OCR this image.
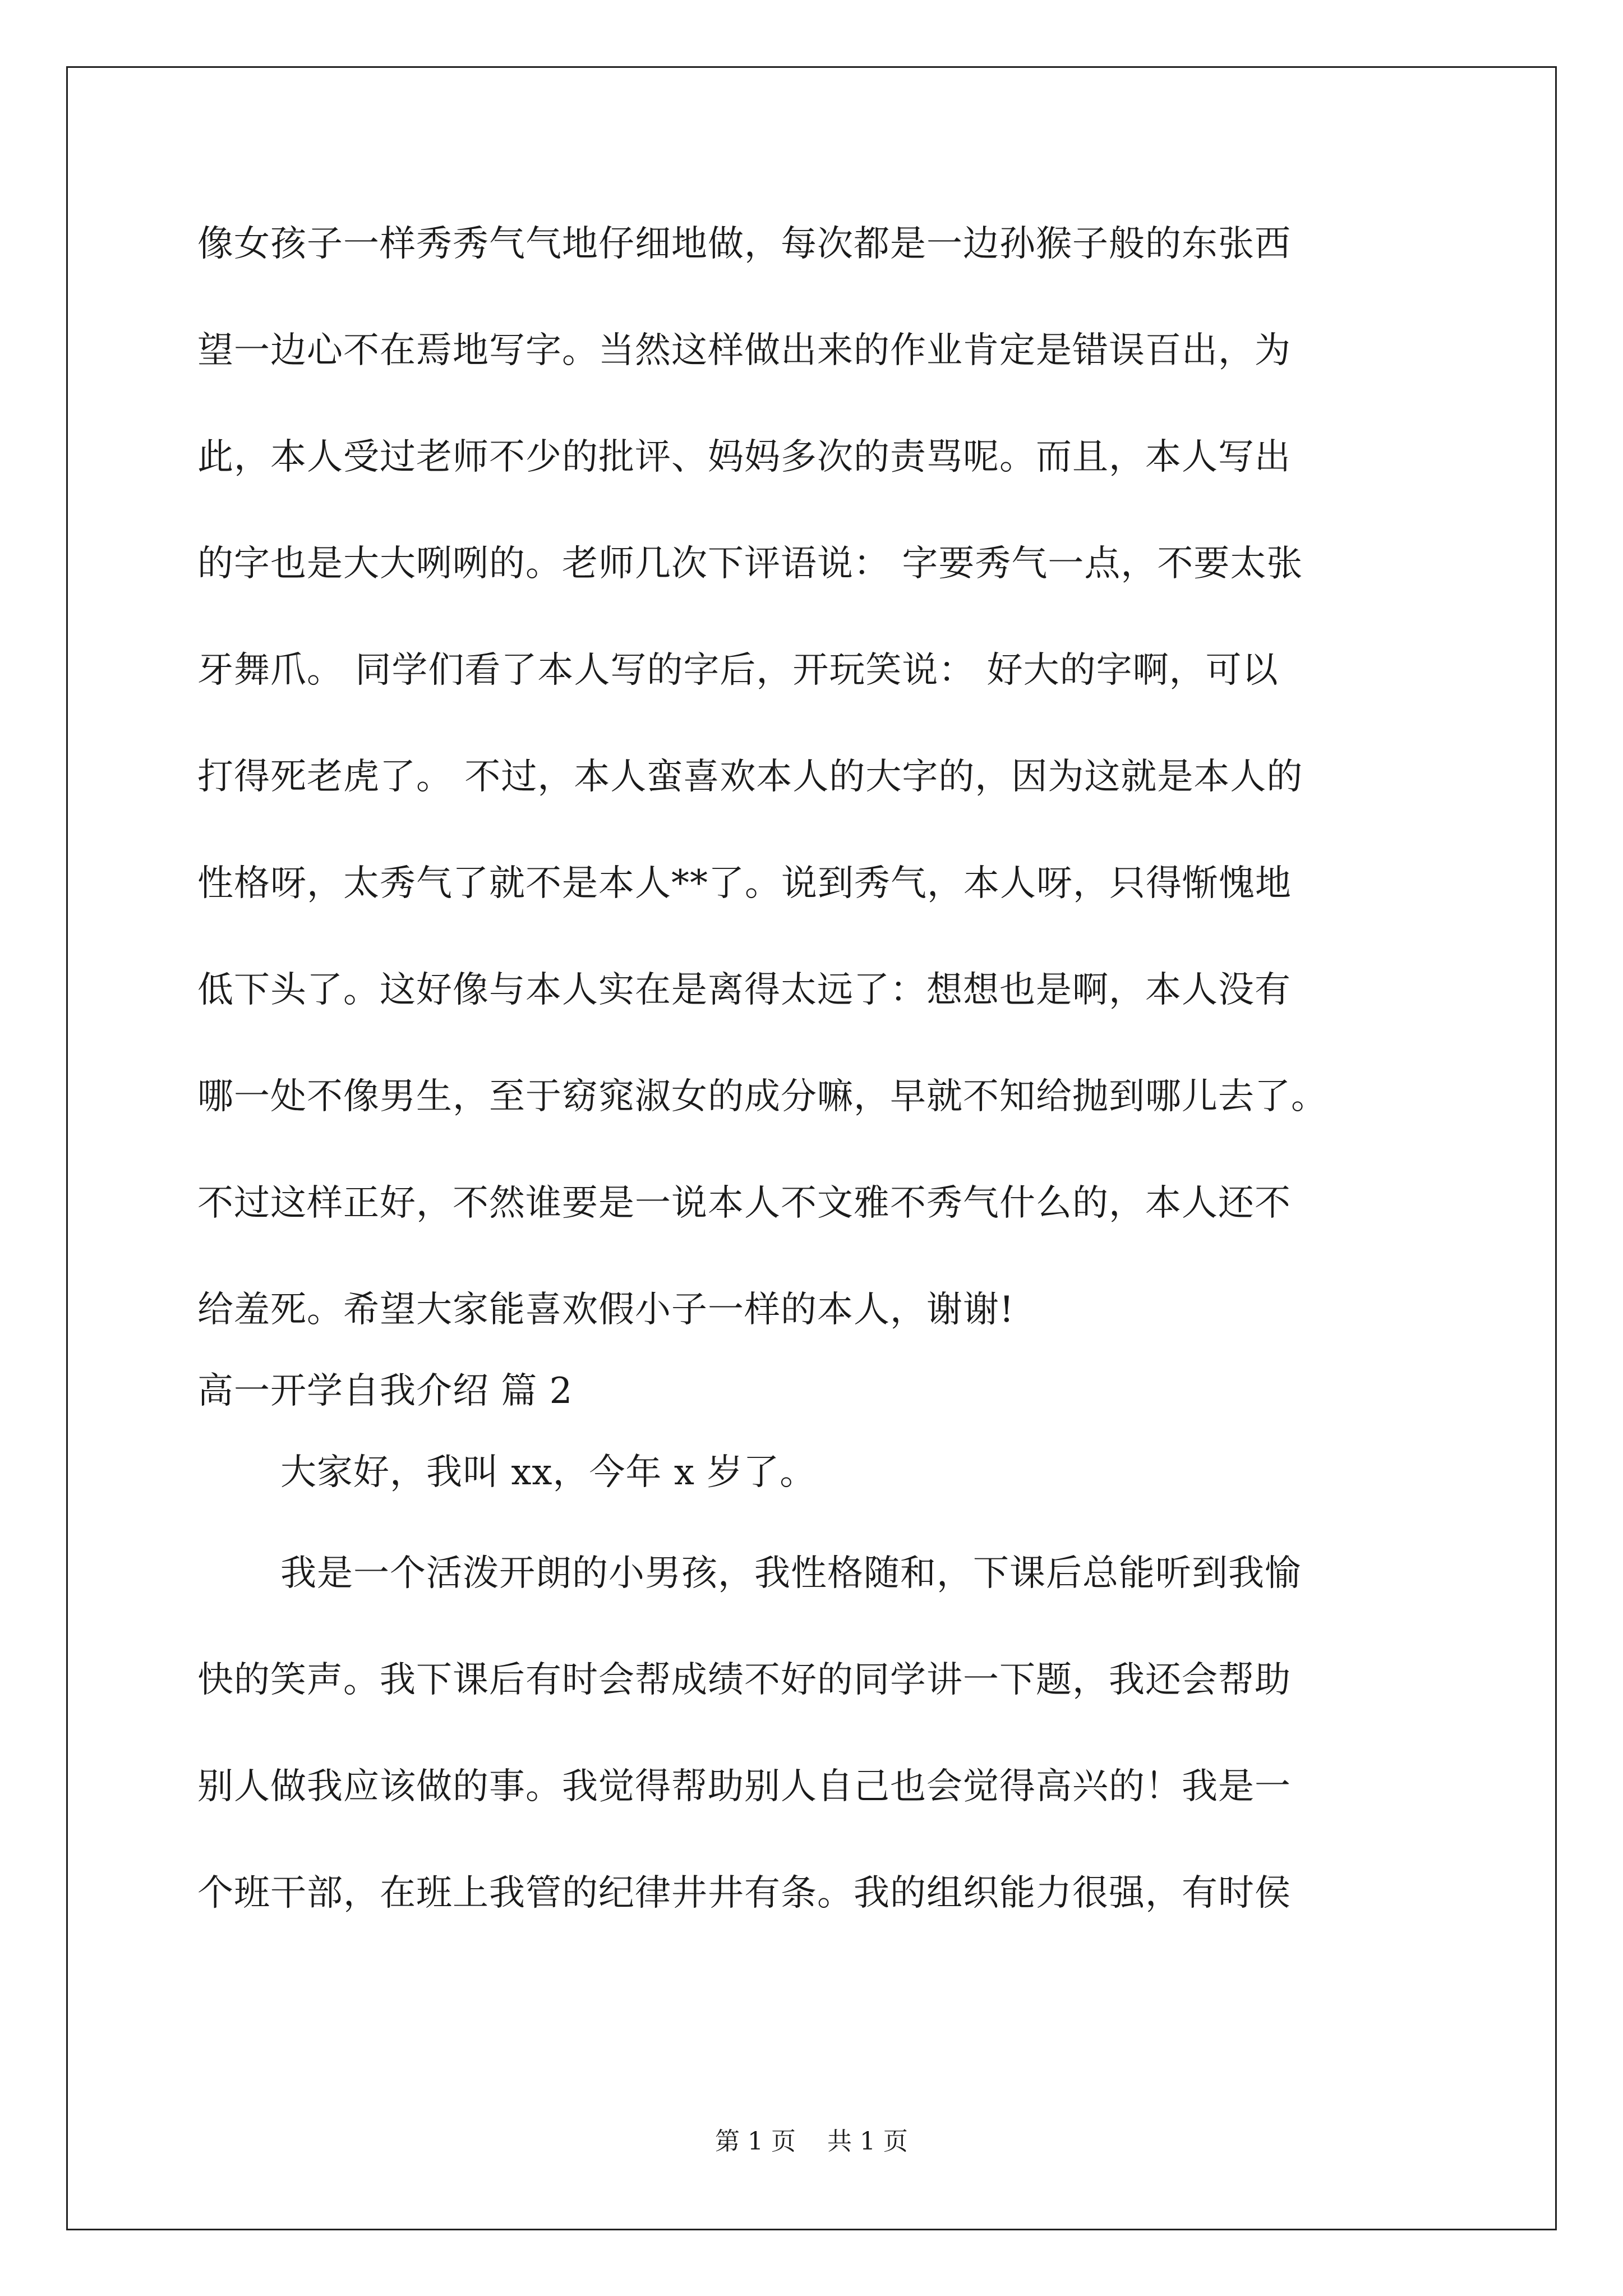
像女孩子一样秀秀气气地仔细地做，每次都是一边孙猴子般的东张西
望一边心不在焉地写字。当然这样做出来的作业肯定是错误百出，为
此，本人受过老师不少的批评、妈妈多次的责骂呢。而且，本人写出
的字也是大大咧咧的。老师几次下评语说： 字要秀气一点，不要太张
牙舞爪。 同学们看了本人写的字后，开玩笑说： 好大的字啊，可以
打得死老虎了。 不过，本人蛮喜欢本人的大字的，因为这就是本人的
性格呀，太秀气了就不是本人**了。说到秀气，本人呀，只得惭愧地
低下头了。这好像与本人实在是离得太远了：想想也是啊，本人没有
哪一处不像男生，至于窈窕淑女的成分嘛，早就不知给抛到哪儿去了。
不过这样正好，不然谁要是一说本人不文雅不秀气什么的，本人还不
给羞死。希望大家能喜欢假小子一样的本人，谢谢!
高一开学自我介绍 篇 2
大家好，我叫 xx，今年 x 岁了。
我是一个活泼开朗的小男孩，我性格随和，下课后总能听到我愉
快的笑声。我下课后有时会帮成绩不好的同学讲一下题，我还会帮助
别人做我应该做的事。我觉得帮助别人自己也会觉得高兴的！我是一
个班干部，在班上我管的纪律井井有条。我的组织能力很强，有时侯
第 1 页    共 1 页
